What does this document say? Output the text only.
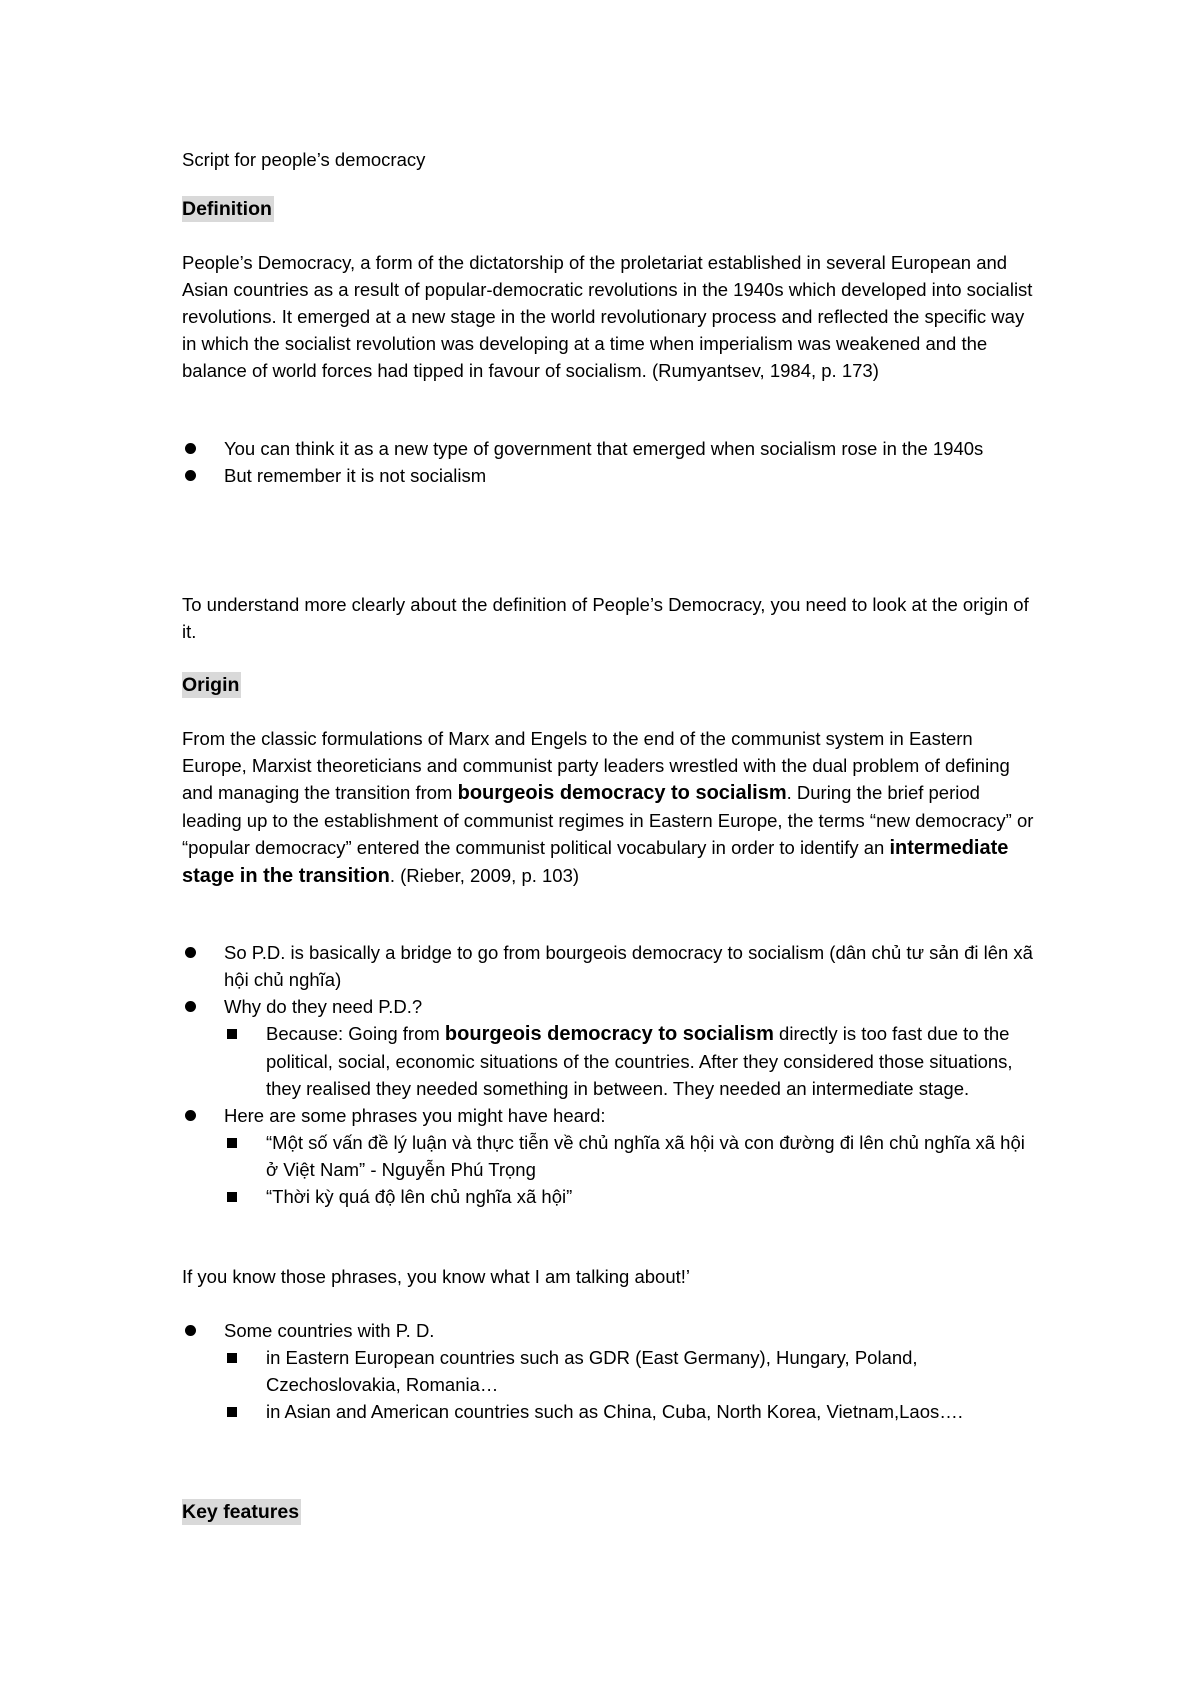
Script for people’s democracy

Definition

People’s Democracy, a form of the dictatorship of the proletariat established in several European and Asian countries as a result of popular-democratic revolutions in the 1940s which developed into socialist revolutions. It emerged at a new stage in the world revolutionary process and reflected the specific way in which the socialist revolution was developing at a time when imperialism was weakened and the balance of world forces had tipped in favour of socialism. (Rumyantsev, 1984, p. 173)

You can think it as a new type of government that emerged when socialism rose in the 1940s
But remember it is not socialism

To understand more clearly about the definition of People’s Democracy, you need to look at the origin of it.

Origin

From the classic formulations of Marx and Engels to the end of the communist system in Eastern Europe, Marxist theoreticians and communist party leaders wrestled with the dual problem of defining and managing the transition from bourgeois democracy to socialism. During the brief period leading up to the establishment of communist regimes in Eastern Europe, the terms “new democracy” or “popular democracy” entered the communist political vocabulary in order to identify an intermediate stage in the transition. (Rieber, 2009, p. 103)

So P.D. is basically a bridge to go from bourgeois democracy to socialism (dân chủ tư sản đi lên xã hội chủ nghĩa)
Why do they need P.D.?
Because: Going from bourgeois democracy to socialism directly is too fast due to the political, social, economic situations of the countries. After they considered those situations, they realised they needed something in between. They needed an intermediate stage.
Here are some phrases you might have heard:
“Một số vấn đề lý luận và thực tiễn về chủ nghĩa xã hội và con đường đi lên chủ nghĩa xã hội ở Việt Nam” - Nguyễn Phú Trọng
“Thời kỳ quá độ lên chủ nghĩa xã hội”

If you know those phrases, you know what I am talking about!’

Some countries with P. D.
in Eastern European countries such as GDR (East Germany), Hungary, Poland, Czechoslovakia, Romania…
in Asian and American countries such as China, Cuba, North Korea, Vietnam,Laos….
Key features
